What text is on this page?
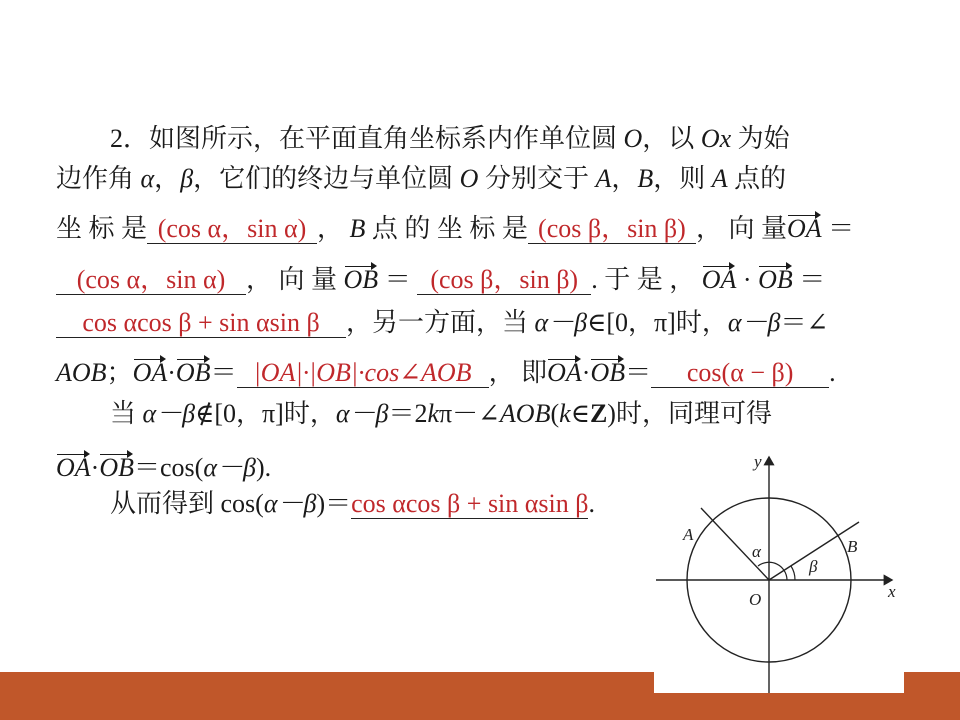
2．如图所示，在平面直角坐标系内作单位圆 O，以 Ox 为始
边作角 α，β，它们的终边与单位圆 O 分别交于 A，B，则 A 点的
坐 标 是 (cos α，sin α) ， B 点 的 坐 标 是 (cos β，sin β) ， 向 量OA ＝
(cos α，sin α) ， 向 量 OB ＝ (cos β，sin β) . 于 是 ， OA · OB ＝
cos αcos β + sin αsin β ，另一方面，当 α－β∈[0，π]时，α－β＝∠
AOB；OA·OB＝ |OA|·|OB|·cos∠AOB ， 即OA·OB＝ cos(α − β) .
当 α－β∉[0，π]时，α－β＝2kπ－∠AOB(k∈Z)时，同理可得
OA·OB＝cos(α－β).
从而得到 cos(α－β)＝cos αcos β + sin αsin β.
y
x
O
A
B
α
β
